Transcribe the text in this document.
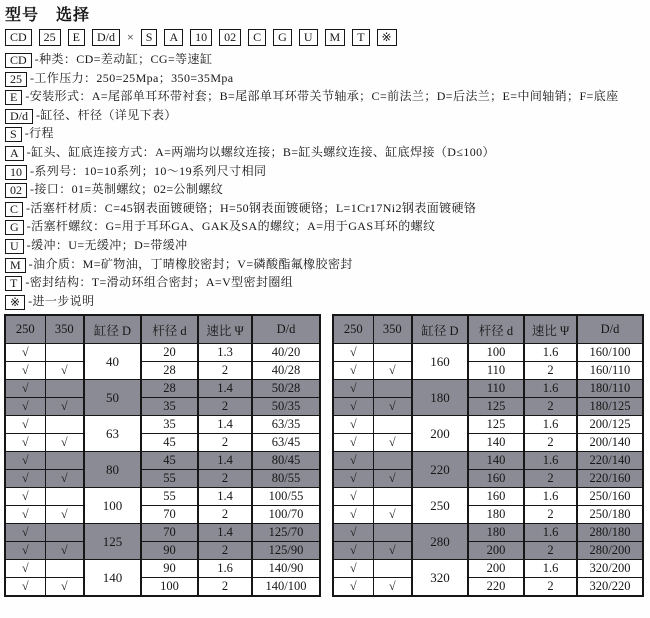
型号　选择
CD	25	E	D/d	×	S	A	10	02	C	G	U	M	T	※
CD -种类：CD=差动缸；CG=等速缸
25 -工作压力：250=25Mpa；350=35Mpa
E -安装形式：A=尾部单耳环带衬套；B=尾部单耳环带关节轴承；C=前法兰；D=后法兰；E=中间轴销；F=底座
D/d -缸径、杆径（详见下表）
S -行程
A -缸头、缸底连接方式：A=两端均以螺纹连接；B=缸头螺纹连接、缸底焊接（D≤100）
10 -系列号：10=10系列；10～19系列尺寸相同
02 -接口：01=英制螺纹；02=公制螺纹
C -活塞杆材质：C=45钢表面镀硬铬；H=50钢表面镀硬铬；L=1Cr17Ni2钢表面镀硬铬
G -活塞杆螺纹：G=用于耳环GA、GAK及SA的螺纹；A=用于GAS耳环的螺纹
U -缓冲：U=无缓冲；D=带缓冲
M -油介质：M=矿物油，丁晴橡胶密封；V=磷酸酯氟橡胶密封
T -密封结构：T=滑动环组合密封；A=V型密封圈组
※ -进一步说明
250	350	缸径 D	杆径 d	速比 Ψ	D/d
√		40	20	1.3	40/20
√	√		28	2	40/28
√		50	28	1.4	50/28
√	√		35	2	50/35
√		63	35	1.4	63/35
√	√		45	2	63/45
√		80	45	1.4	80/45
√	√		55	2	80/55
√		100	55	1.4	100/55
√	√		70	2	100/70
√		125	70	1.4	125/70
√	√		90	2	125/90
√		140	90	1.6	140/90
√	√		100	2	140/100
250	350	缸径 D	杆径 d	速比 Ψ	D/d
√		160	100	1.6	160/100
√	√		110	2	160/110
√		180	110	1.6	180/110
√	√		125	2	180/125
√		200	125	1.6	200/125
√	√		140	2	200/140
√		220	140	1.6	220/140
√	√		160	2	220/160
√		250	160	1.6	250/160
√	√		180	2	250/180
√		280	180	1.6	280/180
√	√		200	2	280/200
√		320	200	1.6	320/200
√	√		220	2	320/220
